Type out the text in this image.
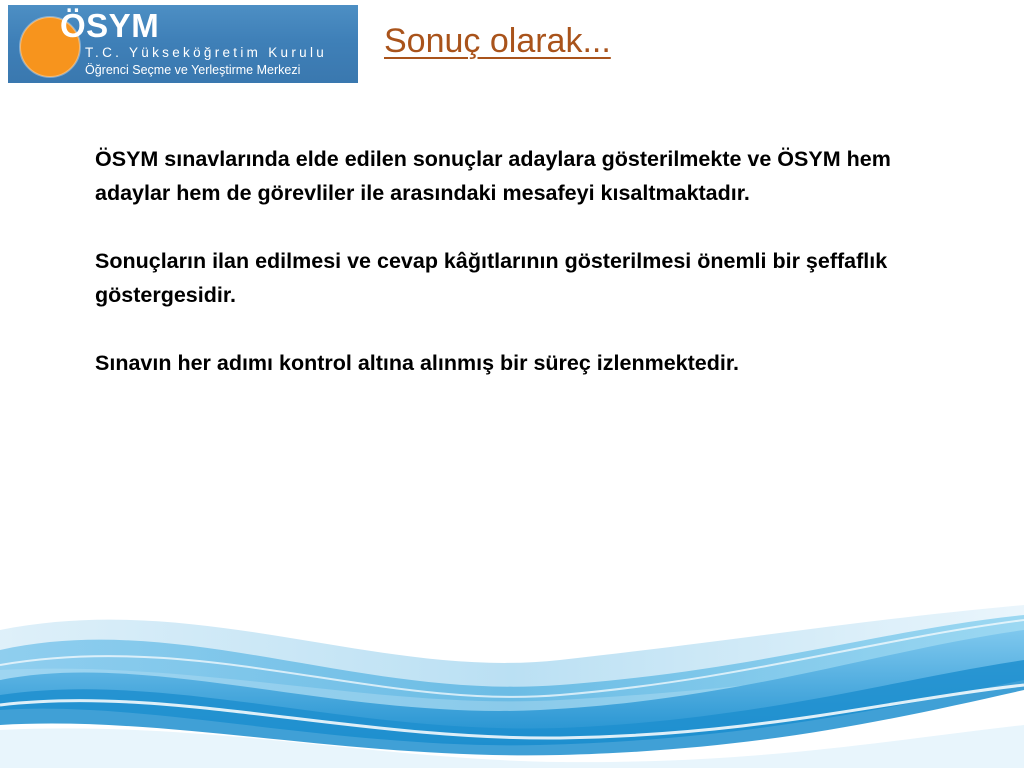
ÖSYM
T.C. Yükseköğretim Kurulu
Öğrenci Seçme ve Yerleştirme Merkezi
Sonuç olarak...

ÖSYM sınavlarında elde edilen sonuçlar adaylara gösterilmekte ve ÖSYM hem adaylar hem de görevliler ile arasındaki mesafeyi kısaltmaktadır.

Sonuçların ilan edilmesi ve cevap kâğıtlarının gösterilmesi önemli bir şeffaflık göstergesidir.

Sınavın her adımı kontrol altına alınmış bir süreç izlenmektedir.
